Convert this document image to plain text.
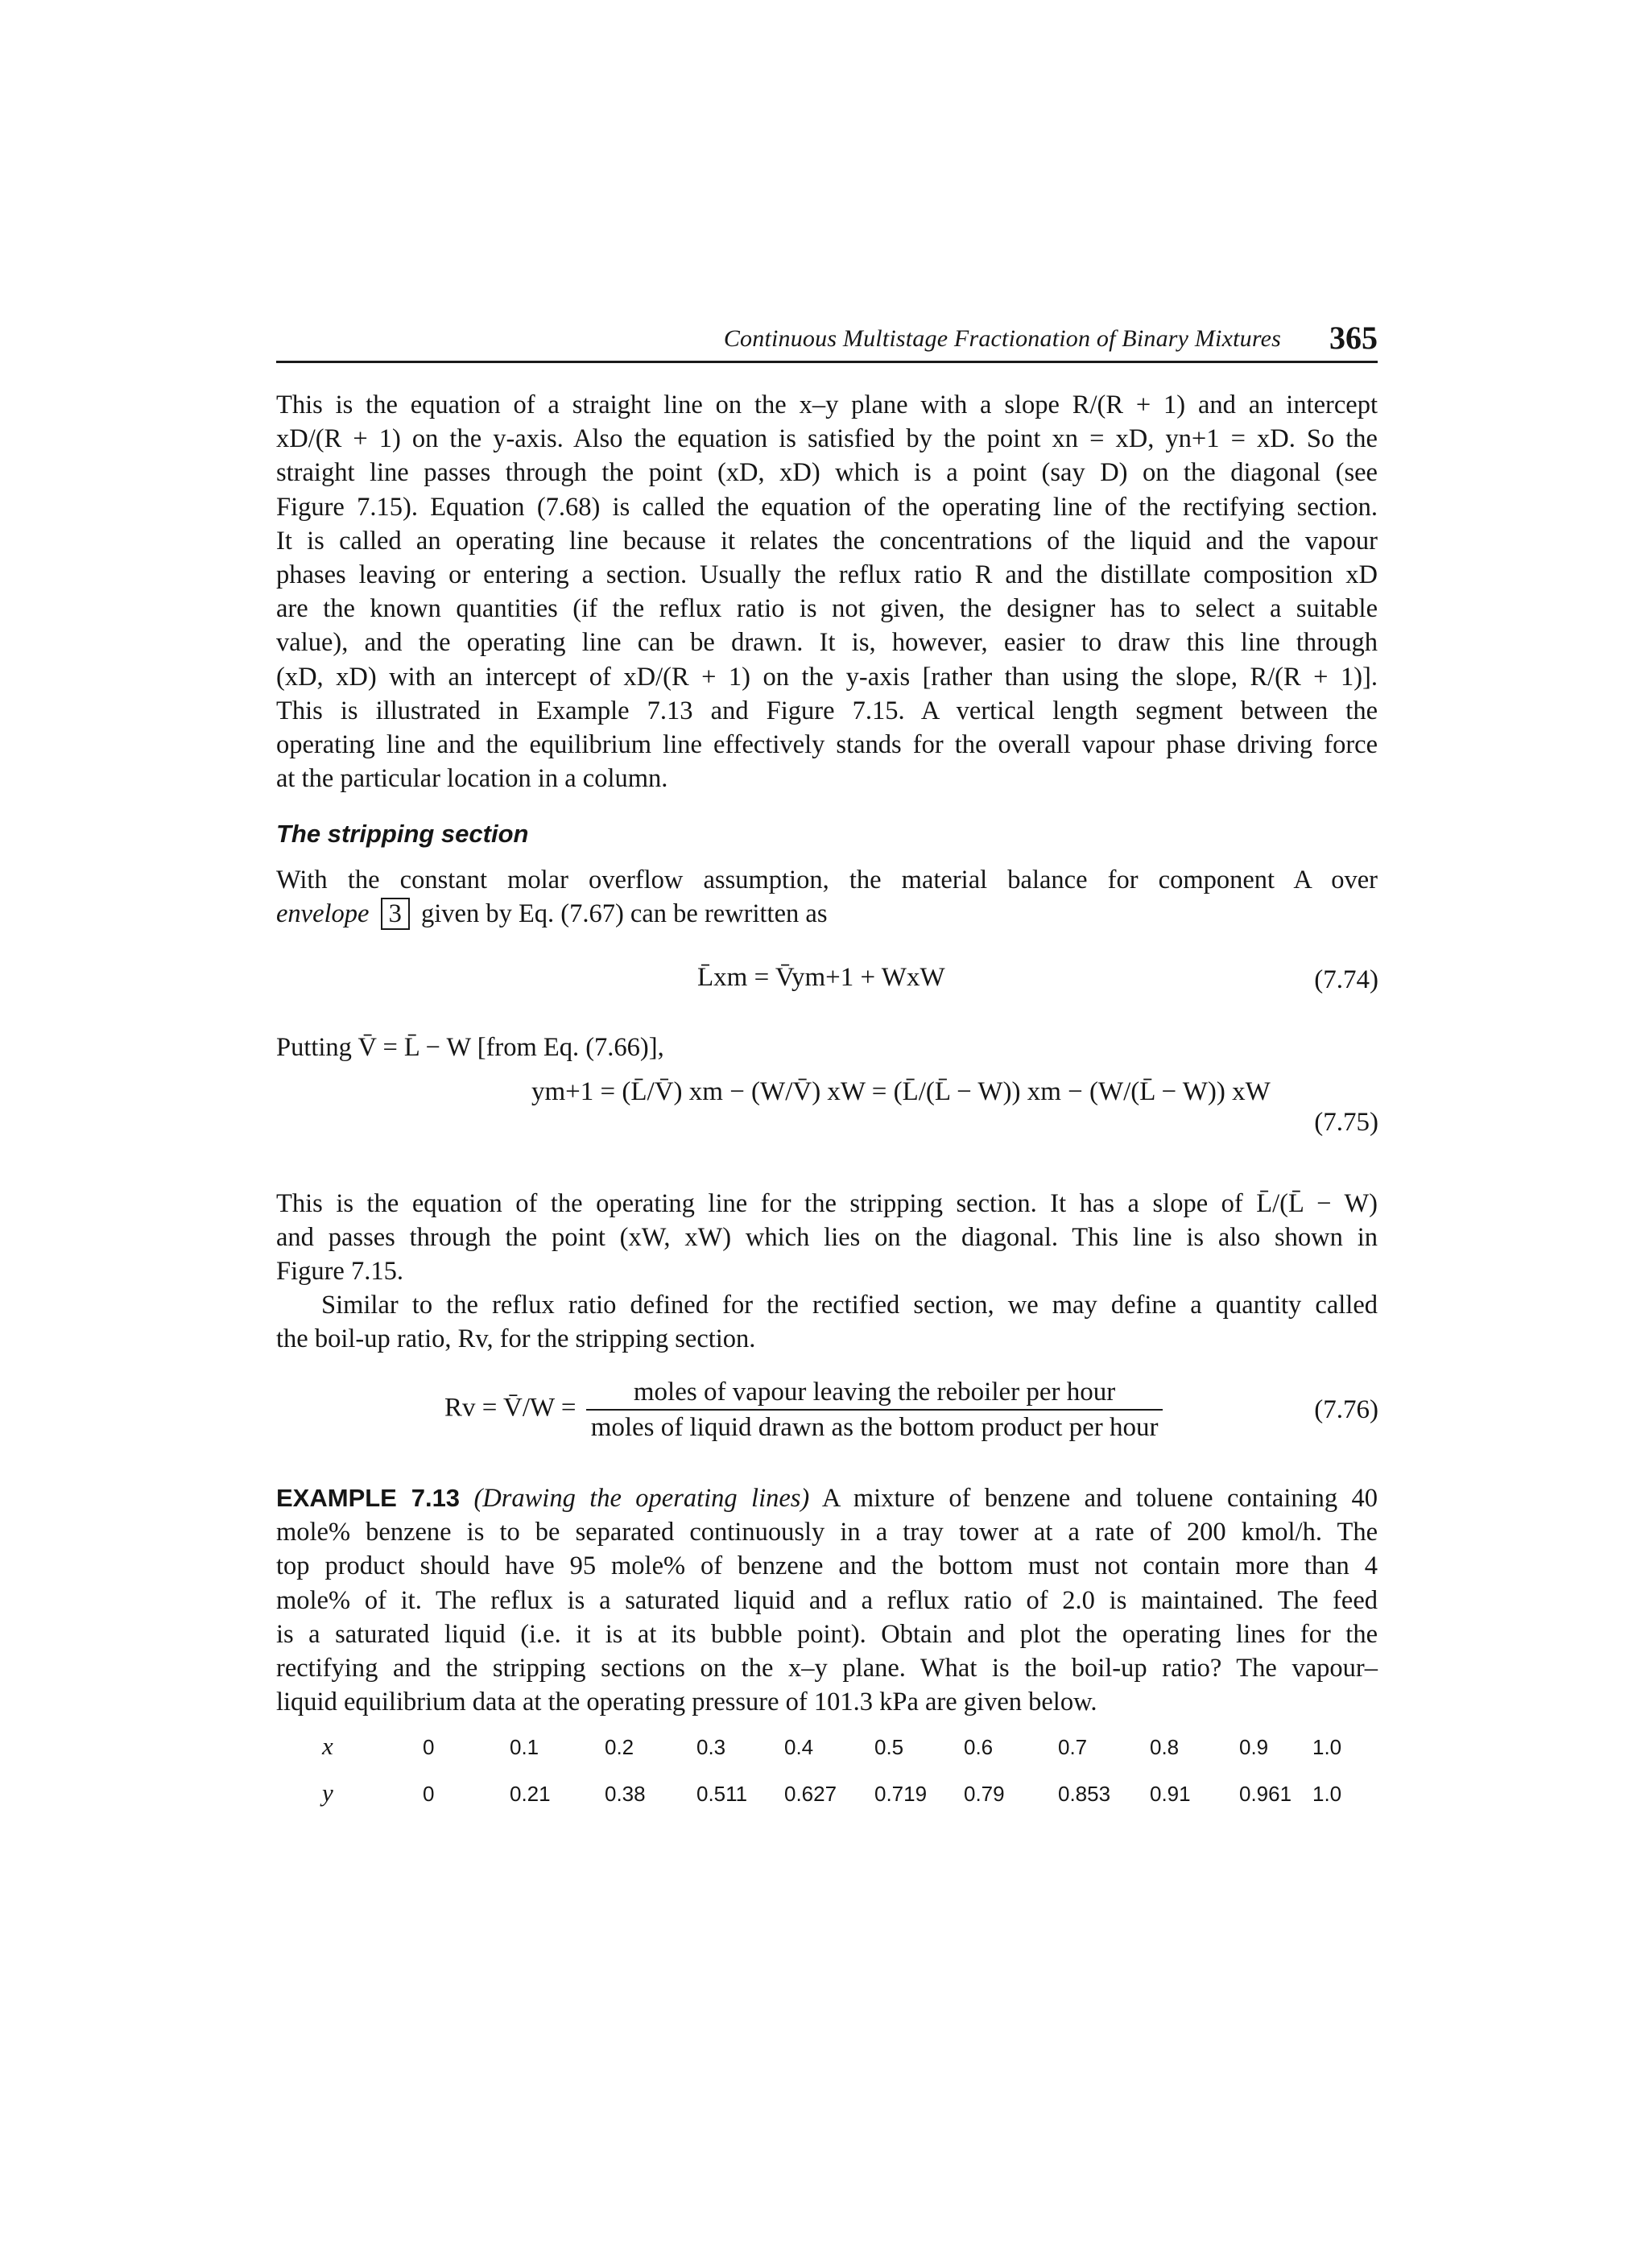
Continuous Multistage Fractionation of Binary Mixtures 365

This is the equation of a straight line on the x–y plane with a slope R/(R + 1) and an intercept
xD/(R + 1) on the y-axis. Also the equation is satisfied by the point xn = xD, yn+1 = xD. So the
straight line passes through the point (xD, xD) which is a point (say D) on the diagonal (see
Figure 7.15). Equation (7.68) is called the equation of the operating line of the rectifying section.
It is called an operating line because it relates the concentrations of the liquid and the vapour
phases leaving or entering a section. Usually the reflux ratio R and the distillate composition xD
are the known quantities (if the reflux ratio is not given, the designer has to select a suitable
value), and the operating line can be drawn. It is, however, easier to draw this line through
(xD, xD) with an intercept of xD/(R + 1) on the y-axis [rather than using the slope, R/(R + 1)].
This is illustrated in Example 7.13 and Figure 7.15. A vertical length segment between the
operating line and the equilibrium line effectively stands for the overall vapour phase driving force
at the particular location in a column.

The stripping section

With the constant molar overflow assumption, the material balance for component A over
envelope 3 given by Eq. (7.67) can be rewritten as

L̄xm = V̄ym+1 + WxW	(7.74)
Putting V̄ = L̄ − W [from Eq. (7.66)],
ym+1 = (L̄/V̄) xm − (W/V̄) xW = (L̄/(L̄ − W)) xm − (W/(L̄ − W)) xW
(7.75)

This is the equation of the operating line for the stripping section. It has a slope of L̄/(L̄ − W)
and passes through the point (xW, xW) which lies on the diagonal. This line is also shown in
Figure 7.15.

Similar to the reflux ratio defined for the rectified section, we may define a quantity called
the boil-up ratio, Rv, for the stripping section.

Rv = V̄/W = $\frac{\text{moles of vapour leaving the reboiler per hour}}{\text{moles of liquid drawn as the bottom product per hour}}$	(7.76)

EXAMPLE 7.13 (Drawing the operating lines) A mixture of benzene and toluene containing 40
mole% benzene is to be separated continuously in a tray tower at a rate of 200 kmol/h. The
top product should have 95 mole% of benzene and the bottom must not contain more than 4
mole% of it. The reflux is a saturated liquid and a reflux ratio of 2.0 is maintained. The feed
is a saturated liquid (i.e. it is at its bubble point). Obtain and plot the operating lines for the
rectifying and the stripping sections on the x–y plane. What is the boil-up ratio? The vapour–
liquid equilibrium data at the operating pressure of 101.3 kPa are given below.

x	0	0.1	0.2	0.3	0.4	0.5	0.6	0.7	0.8	0.9 1.0
y	0	0.21	0.38 0.511 0.627 0.719 0.79	0.853 0.91 0.961 1.0
